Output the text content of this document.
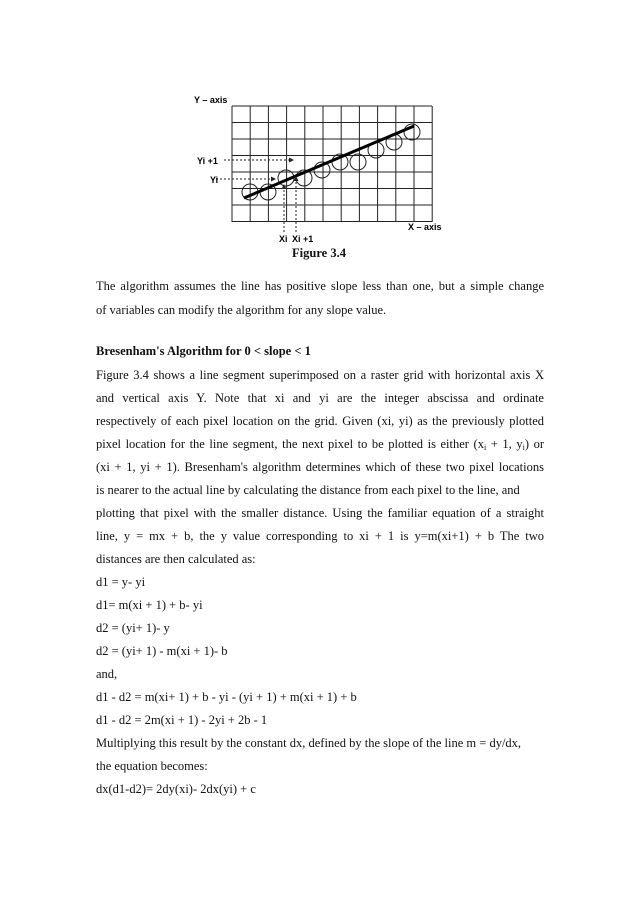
Y – axis
X – axis
Yi +1
Yi
Xi Xi +1
Figure 3.4
The algorithm assumes the line has positive slope less than one, but a simple change
of variables can modify the algorithm for any slope value.
Bresenham's Algorithm for 0 < slope < 1
Figure 3.4 shows a line segment superimposed on a raster grid with horizontal axis X
and vertical axis Y. Note that xi and yi are the integer abscissa and ordinate
respectively of each pixel location on the grid. Given (xi, yi) as the previously plotted
pixel location for the line segment, the next pixel to be plotted is either ($x_i + 1$, $y_i$) or
(xi + 1, yi + 1). Bresenham's algorithm determines which of these two pixel locations
is nearer to the actual line by calculating the distance from each pixel to the line, and
plotting that pixel with the smaller distance. Using the familiar equation of a straight
line, y = mx + b, the y value corresponding to xi + 1 is y=m(xi+1) + b The two
distances are then calculated as:
d1 = y- yi
d1= m(xi + 1) + b- yi
d2 = (yi+ 1)- y
d2 = (yi+ 1) - m(xi + 1)- b
and,
d1 - d2 = m(xi+ 1) + b - yi - (yi + 1) + m(xi + 1) + b
d1 - d2 = 2m(xi + 1) - 2yi + 2b - 1
Multiplying this result by the constant dx, defined by the slope of the line m = dy/dx,
the equation becomes:
dx(d1-d2)= 2dy(xi)- 2dx(yi) + c
